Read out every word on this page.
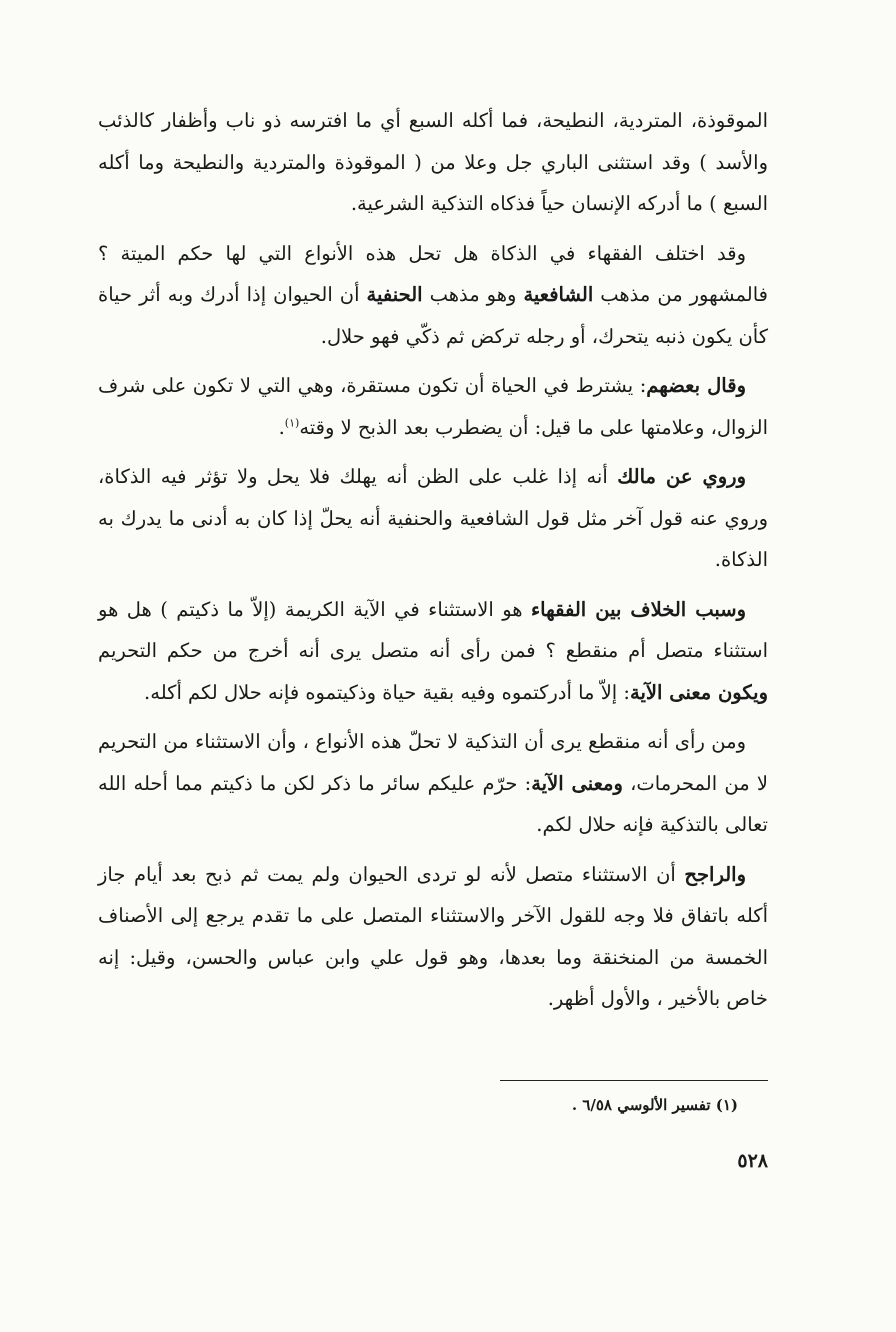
الموقوذة، المتردية، النطيحة، فما أكله السبع أي ما افترسه ذو ناب وأظفار كالذئب والأسد ) وقد استثنى الباري جل وعلا من ( الموقوذة والمتردية والنطيحة وما أكله السبع ) ما أدركه الإنسان حياً فذكاه التذكية الشرعية.

وقد اختلف الفقهاء في الذكاة هل تحل هذه الأنواع التي لها حكم الميتة ؟ فالمشهور من مذهب الشافعية وهو مذهب الحنفية أن الحيوان إذا أدرك وبه أثر حياة كأن يكون ذنبه يتحرك، أو رجله تركض ثم ذكّي فهو حلال.

وقال بعضهم: يشترط في الحياة أن تكون مستقرة، وهي التي لا تكون على شرف الزوال، وعلامتها على ما قيل: أن يضطرب بعد الذبح لا وقته$^{(١)}$.

وروي عن مالك أنه إذا غلب على الظن أنه يهلك فلا يحل ولا تؤثر فيه الذكاة، وروي عنه قول آخر مثل قول الشافعية والحنفية أنه يحلّ إذا كان به أدنى ما يدرك به الذكاة.

وسبب الخلاف بين الفقهاء هو الاستثناء في الآية الكريمة (إلاّ ما ذكيتم ) هل هو استثناء متصل أم منقطع ؟ فمن رأى أنه متصل يرى أنه أخرج من حكم التحريم ويكون معنى الآية: إلاّ ما أدركتموه وفيه بقية حياة وذكيتموه فإنه حلال لكم أكله.

ومن رأى أنه منقطع يرى أن التذكية لا تحلّ هذه الأنواع ، وأن الاستثناء من التحريم لا من المحرمات، ومعنى الآية: حرّم عليكم سائر ما ذكر لكن ما ذكيتم مما أحله الله تعالى بالتذكية فإنه حلال لكم.

والراجح أن الاستثناء متصل لأنه لو تردى الحيوان ولم يمت ثم ذبح بعد أيام جاز أكله باتفاق فلا وجه للقول الآخر والاستثناء المتصل على ما تقدم يرجع إلى الأصناف الخمسة من المنخنقة وما بعدها، وهو قول علي وابن عباس والحسن، وقيل: إنه خاص بالأخير ، والأول أظهر.

(١) تفسير الألوسي ٦/٥٨ .
٥٢٨
